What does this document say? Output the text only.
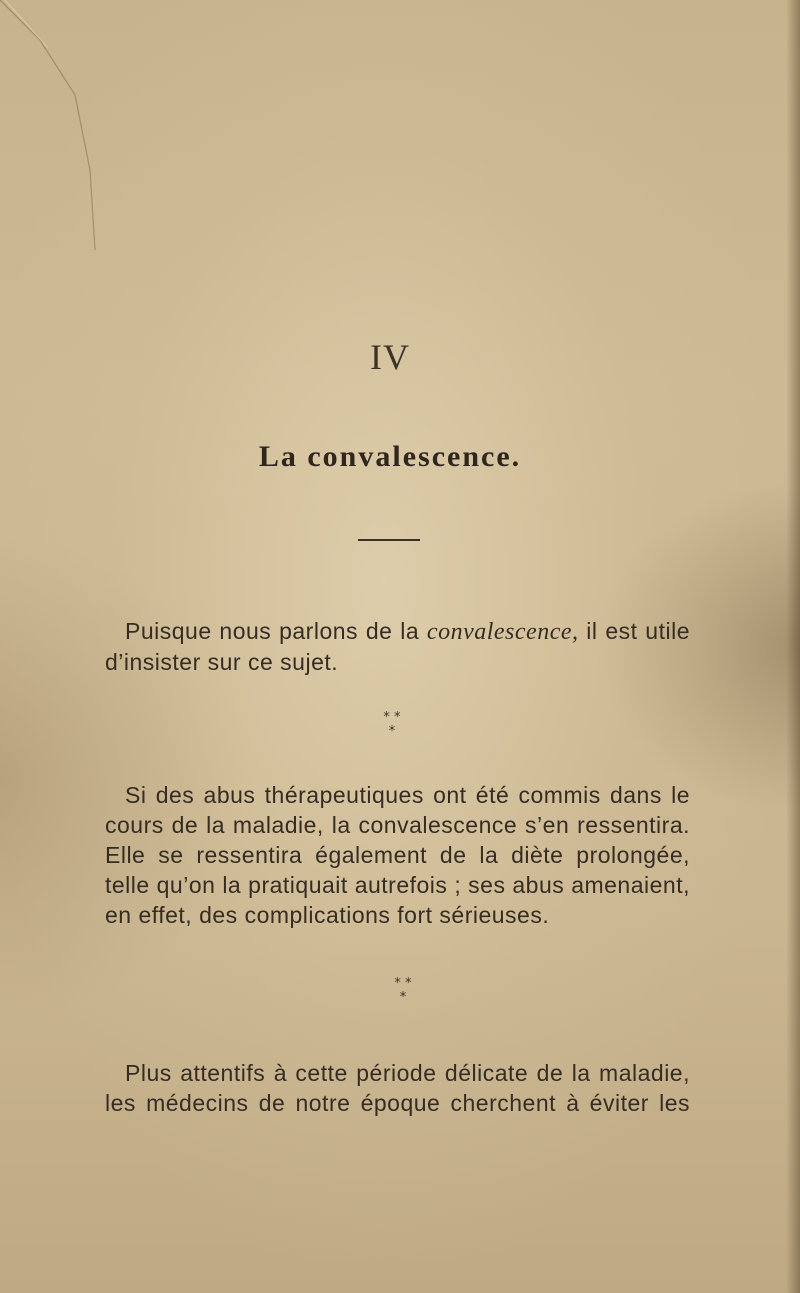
IV
La convalescence.
Puisque nous parlons de la convalescence, il est utile
d’insister sur ce sujet.
* *
*
Si des abus thérapeutiques ont été commis dans le
cours de la maladie, la convalescence s’en ressentira.
Elle se ressentira également de la diète prolongée,
telle qu’on la pratiquait autrefois ; ses abus amenaient,
en effet, des complications fort sérieuses.
* *
*
Plus attentifs à cette période délicate de la maladie,
les médecins de notre époque cherchent à éviter les
